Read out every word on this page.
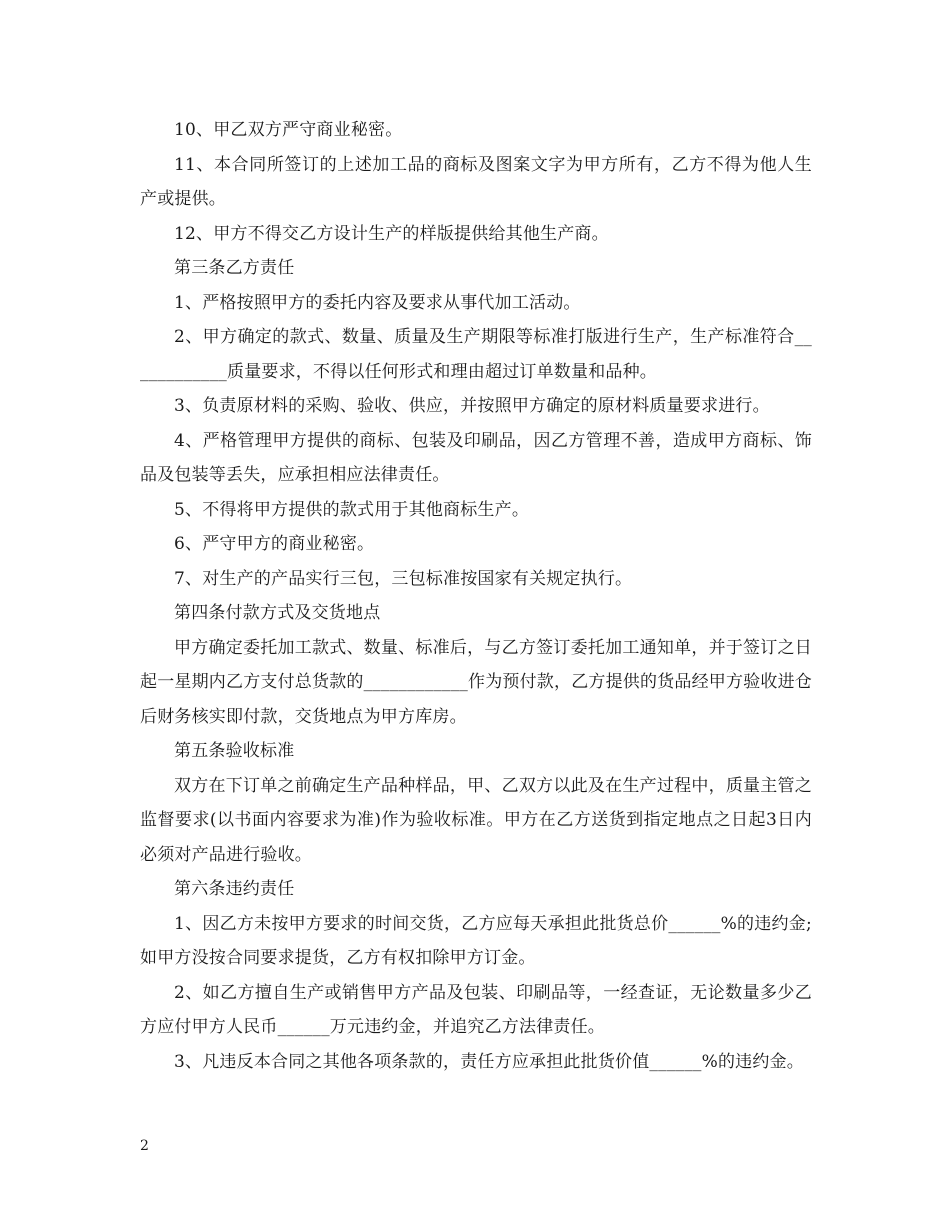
10、甲乙双方严守商业秘密。

11、本合同所签订的上述加工品的商标及图案文字为甲方所有，乙方不得为他人生产或提供。

12、甲方不得交乙方设计生产的样版提供给其他生产商。

第三条乙方责任

1、严格按照甲方的委托内容及要求从事代加工活动。

2、甲方确定的款式、数量、质量及生产期限等标准打版进行生产，生产标准符合____________质量要求，不得以任何形式和理由超过订单数量和品种。

3、负责原材料的采购、验收、供应，并按照甲方确定的原材料质量要求进行。

4、严格管理甲方提供的商标、包装及印刷品，因乙方管理不善，造成甲方商标、饰品及包装等丢失，应承担相应法律责任。

5、不得将甲方提供的款式用于其他商标生产。

6、严守甲方的商业秘密。

7、对生产的产品实行三包，三包标准按国家有关规定执行。

第四条付款方式及交货地点

甲方确定委托加工款式、数量、标准后，与乙方签订委托加工通知单，并于签订之日起一星期内乙方支付总货款的____________作为预付款，乙方提供的货品经甲方验收进仓后财务核实即付款，交货地点为甲方库房。

第五条验收标准

双方在下订单之前确定生产品种样品，甲、乙双方以此及在生产过程中，质量主管之监督要求(以书面内容要求为准)作为验收标准。甲方在乙方送货到指定地点之日起3日内必须对产品进行验收。

第六条违约责任

1、因乙方未按甲方要求的时间交货，乙方应每天承担此批货总价______%的违约金;如甲方没按合同要求提货，乙方有权扣除甲方订金。

2、如乙方擅自生产或销售甲方产品及包装、印刷品等，一经查证，无论数量多少乙方应付甲方人民币______万元违约金，并追究乙方法律责任。

3、凡违反本合同之其他各项条款的，责任方应承担此批货价值______%的违约金。

2
